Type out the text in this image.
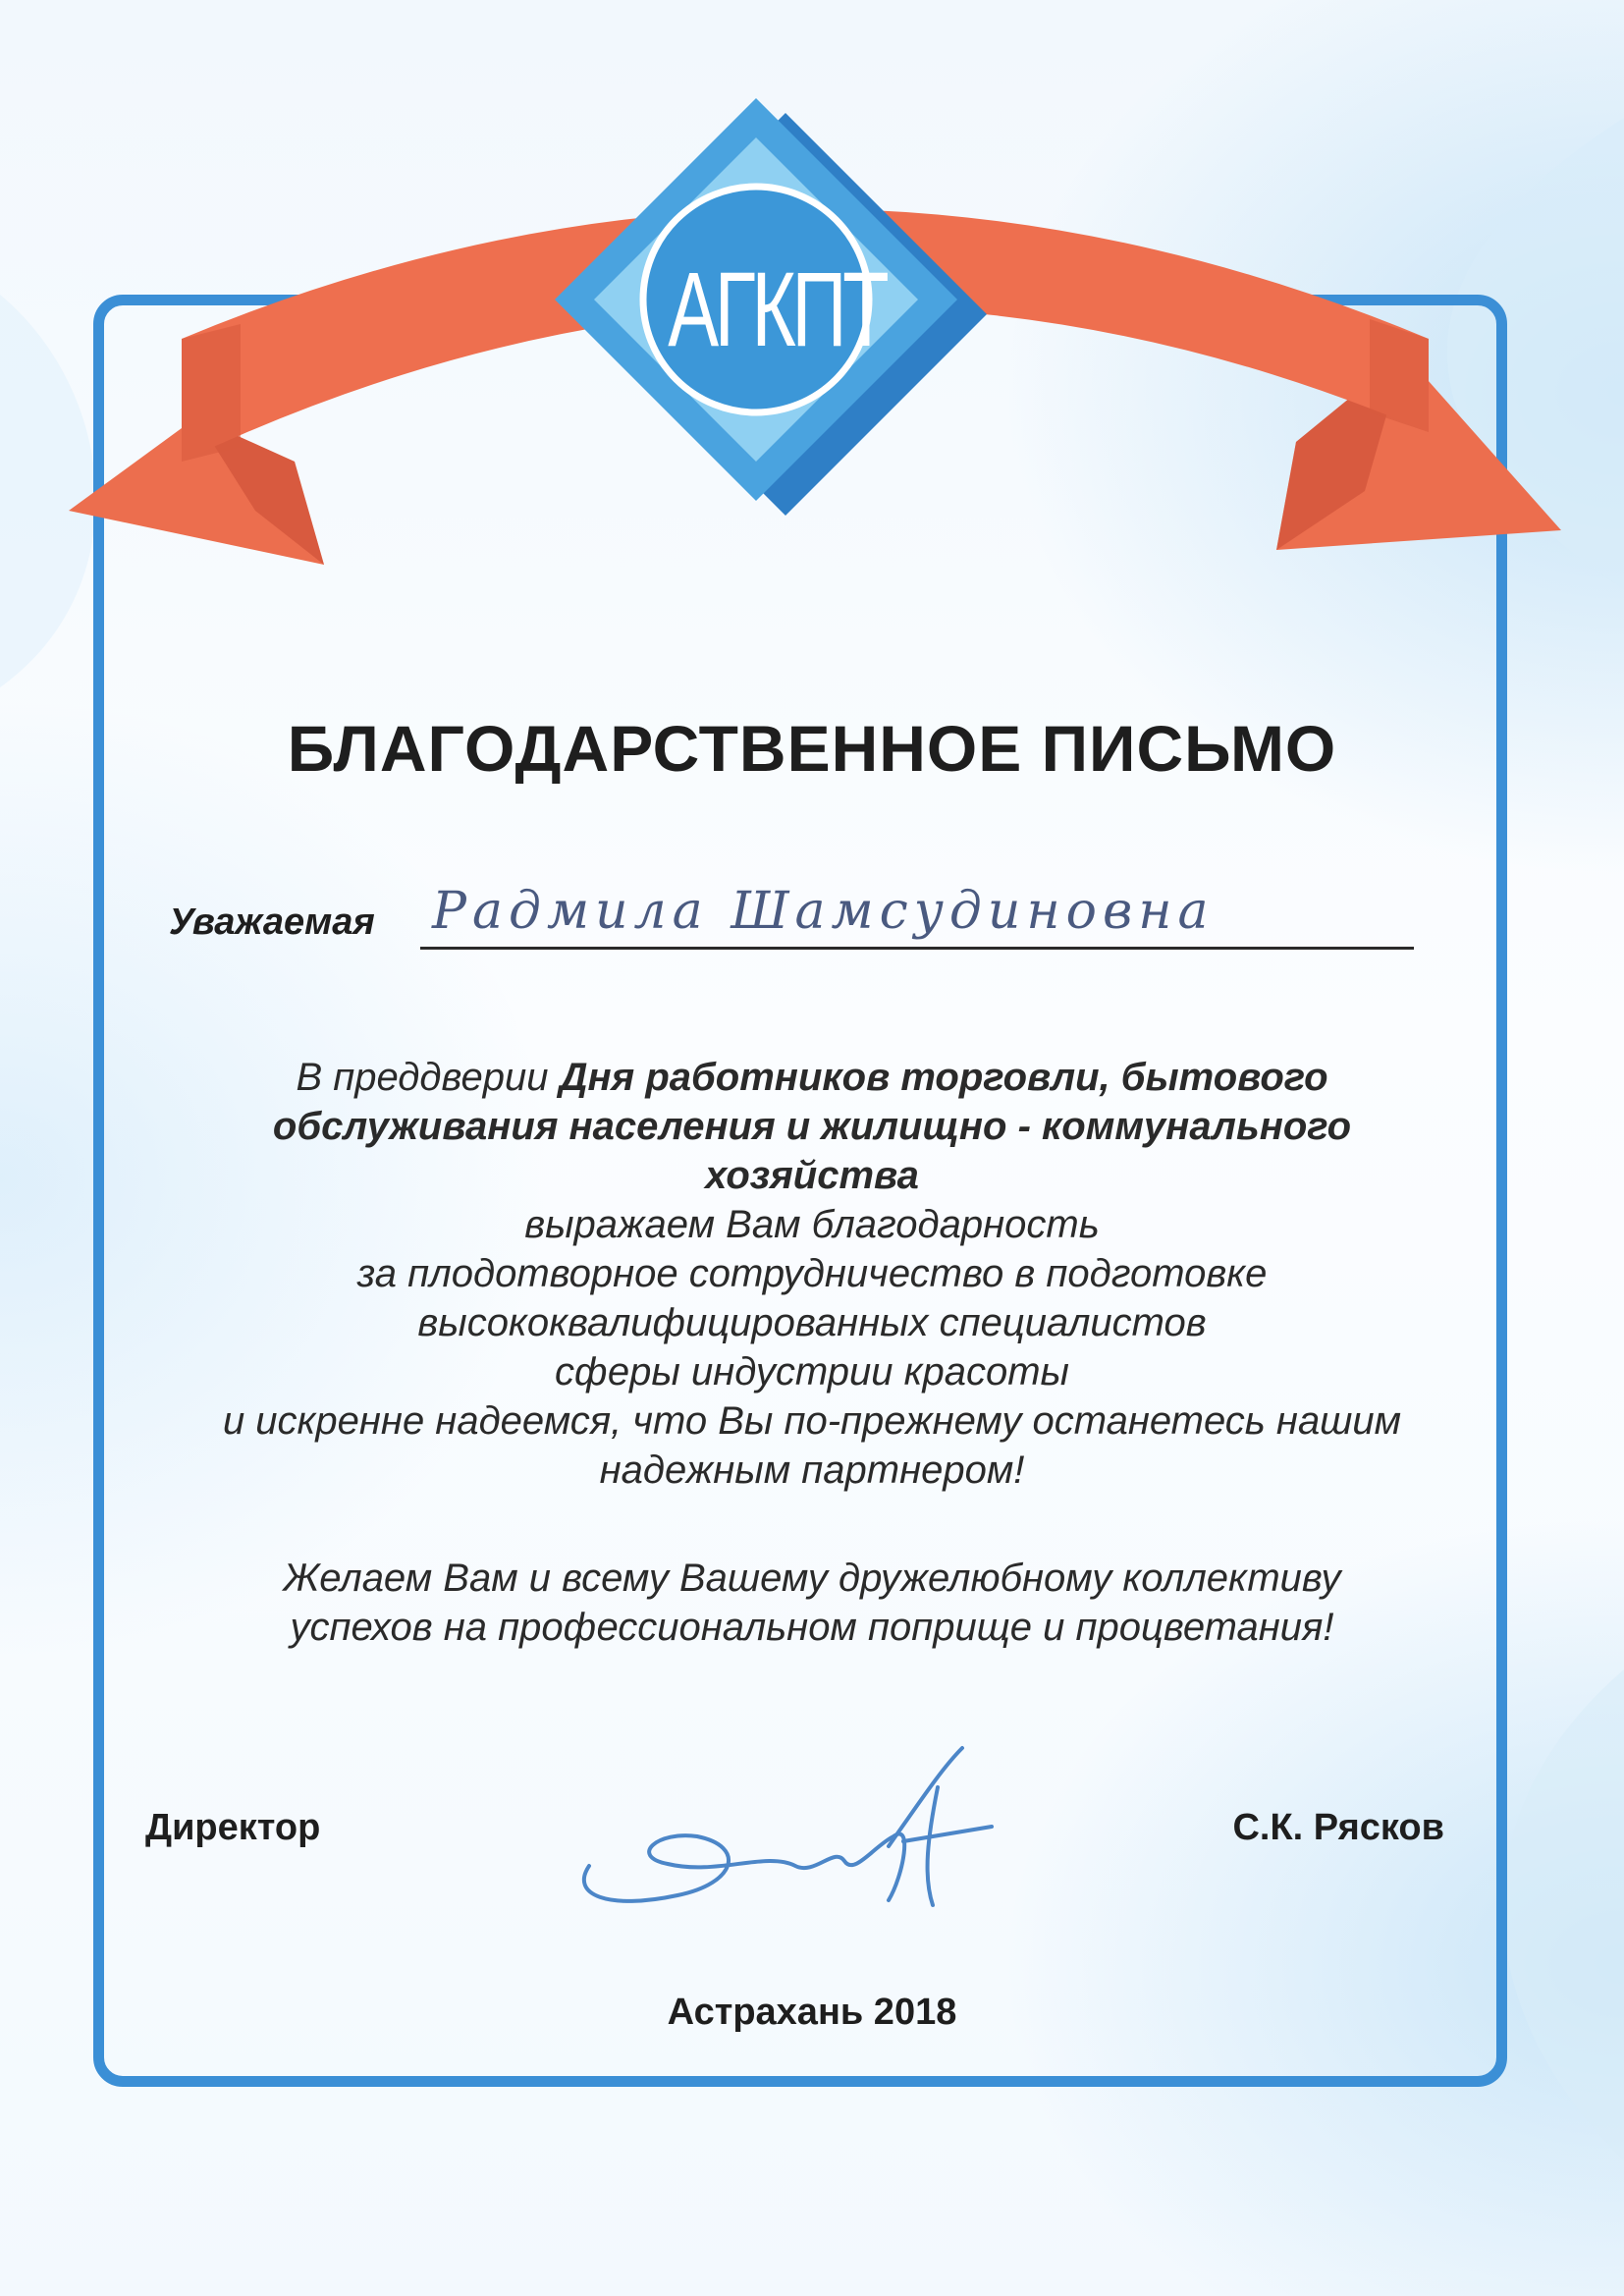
АГКПТ
БЛАГОДАРСТВЕННОЕ ПИСЬМО
Уважаемая Радмила Шамсудиновна
В преддверии Дня работников торговли, бытового
обслуживания населения и жилищно - коммунального
хозяйства
выражаем Вам благодарность
за плодотворное сотрудничество в подготовке
высококвалифицированных специалистов
сферы индустрии красоты
и искренне надеемся, что Вы по-прежнему останетесь нашим
надежным партнером!
Желаем Вам и всему Вашему дружелюбному коллективу
успехов на профессиональном поприще и процветания!
Директор	С.К. Рясков
Астрахань 2018
